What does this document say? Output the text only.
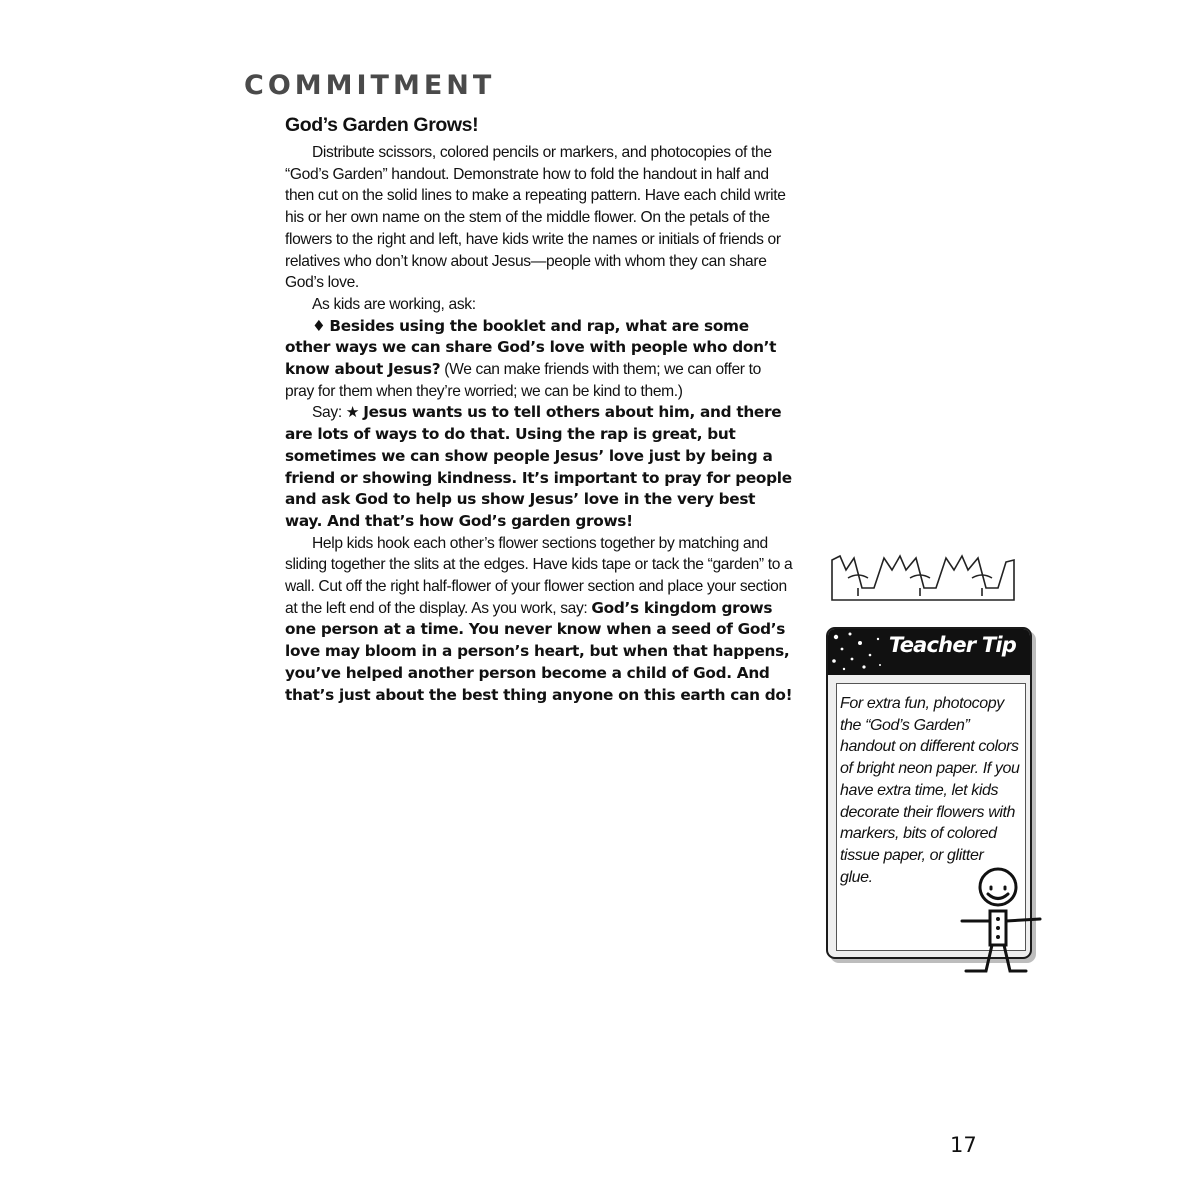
COMMITMENT
God’s Garden Grows!

Distribute scissors, colored pencils or markers, and photocopies of the “God’s Garden” handout. Demonstrate how to fold the handout in half and then cut on the solid lines to make a repeating pattern. Have each child write his or her own name on the stem of the middle flower. On the petals of the flowers to the right and left, have kids write the names or initials of friends or relatives who don’t know about Jesus—people with whom they can share God’s love.

As kids are working, ask:

♦ Besides using the booklet and rap, what are some other ways we can share God’s love with people who don’t know about Jesus? (We can make friends with them; we can offer to pray for them when they’re worried; we can be kind to them.)

Say: ★ Jesus wants us to tell others about him, and there are lots of ways to do that. Using the rap is great, but sometimes we can show people Jesus’ love just by being a friend or showing kindness. It’s important to pray for people and ask God to help us show Jesus’ love in the very best way. And that’s how God’s garden grows!

Help kids hook each other’s flower sections together by matching and sliding together the slits at the edges. Have kids tape or tack the “garden” to a wall. Cut off the right half-flower of your flower section and place your section at the left end of the display. As you work, say: God’s kingdom grows one person at a time. You never know when a seed of God’s love may bloom in a person’s heart, but when that happens, you’ve helped another person become a child of God. And that’s just about the best thing anyone on this earth can do!

Teacher Tip
For extra fun, photocopy the “God’s Garden” handout on different colors of bright neon paper. If you have extra time, let kids decorate their flowers with markers, bits of colored tissue paper, or glitter glue.
17
